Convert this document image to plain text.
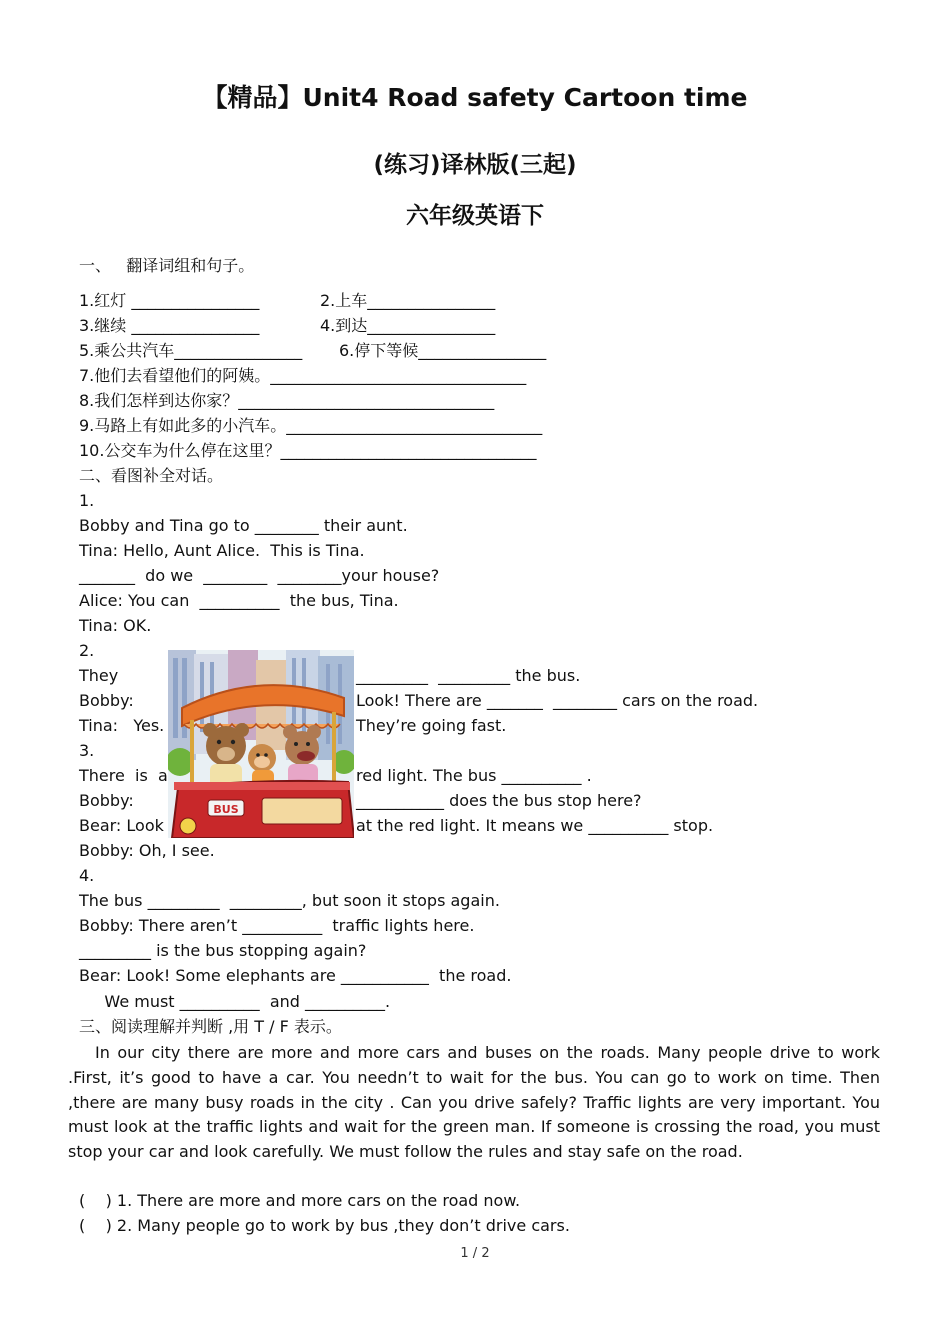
【精品】Unit4 Road safety Cartoon time
(练习)译林版(三起)
六年级英语下
一、   翻译词组和句子。
1.红灯 ________________	2.上车________________
3.继续 ________________	4.到达________________
5.乘公共汽车________________ 6.停下等候________________
7.他们去看望他们的阿姨。________________________________
8.我们怎样到达你家？________________________________
9.马路上有如此多的小汽车。________________________________
10.公交车为什么停在这里？________________________________
二、看图补全对话。
1.
Bobby and Tina go to ________ their aunt.
Tina: Hello, Aunt Alice.  This is Tina.
_______  do we  ________  ________your house?
Alice: You can  __________  the bus, Tina.
Tina: OK.
2.
They	_________  _________ the bus.
Bobby:	Look! There are _______  ________ cars on the road.
Tina:   Yes.	They’re going fast.
3.
There  is  a	red light. The bus __________ .
Bobby:	___________ does the bus stop here?
Bear: Look	at the red light. It means we __________ stop.
Bobby: Oh, I see.
4.
The bus _________  _________, but soon it stops again.
Bobby: There aren’t __________  traffic lights here.
_________ is the bus stopping again?
Bear: Look! Some elephants are ___________  the road.
We must __________  and __________.
BUS
三、阅读理解并判断 ,用 T / F 表示。
In our city there are more and more cars and buses on the roads. Many people drive to work .First, it’s good to have a car. You needn’t to wait for the bus. You can go to work on time. Then ,there are many busy roads in the city . Can you drive safely? Traffic lights are very important. You must look at the traffic lights and wait for the green man. If someone is crossing the road, you must stop your car and look carefully. We must follow the rules and stay safe on the road.
(    ) 1. There are more and more cars on the road now.
(    ) 2. Many people go to work by bus ,they don’t drive cars.
1 / 2
